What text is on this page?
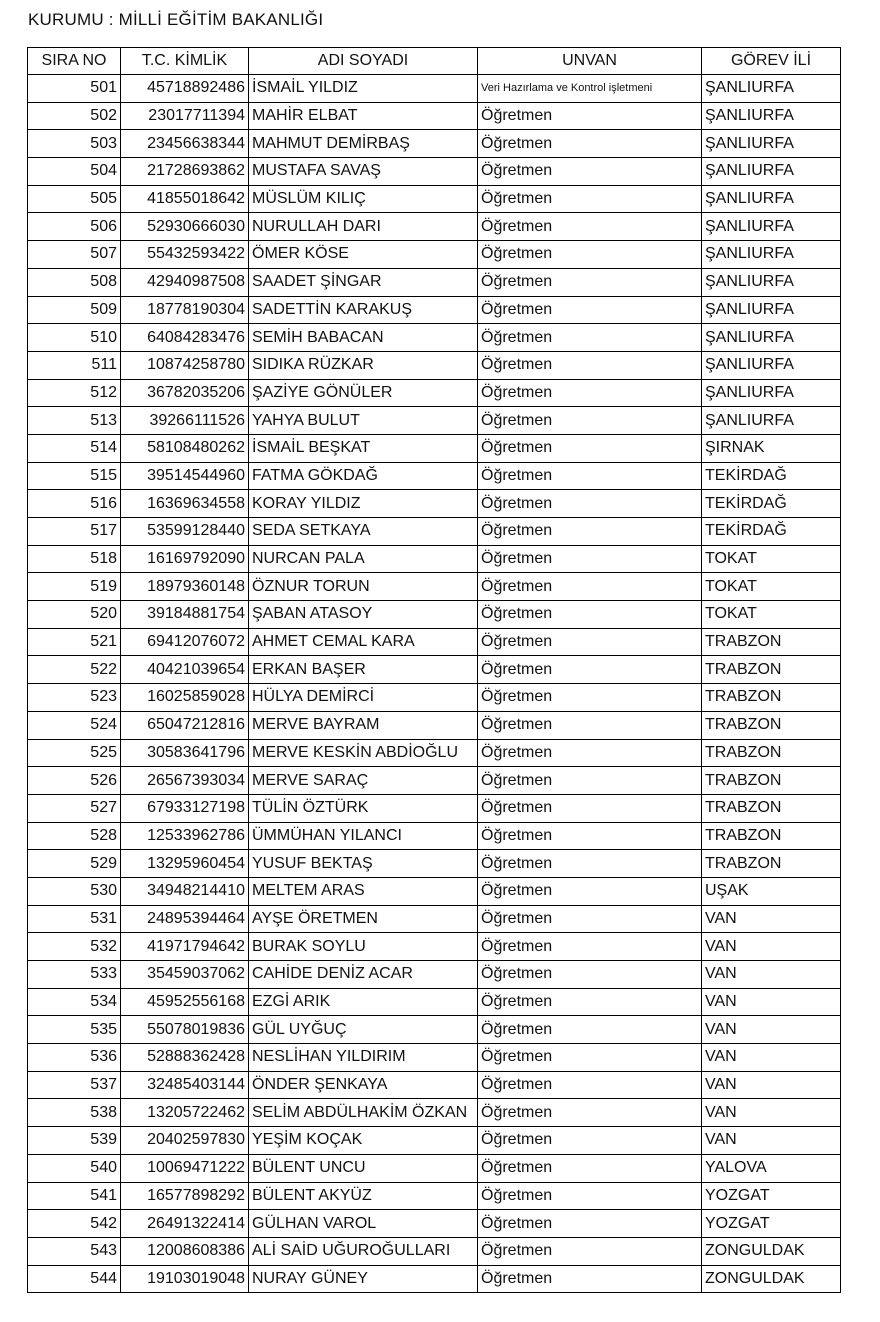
KURUMU : MİLLİ EĞİTİM BAKANLIĞI
SIRA NO	T.C. KİMLİK	ADI SOYADI	UNVAN	GÖREV İLİ
501	45718892486	İSMAİL YILDIZ	Veri Hazırlama ve Kontrol işletmeni	ŞANLIURFA
502	23017711394	MAHİR ELBAT	Öğretmen	ŞANLIURFA
503	23456638344	MAHMUT DEMİRBAŞ	Öğretmen	ŞANLIURFA
504	21728693862	MUSTAFA SAVAŞ	Öğretmen	ŞANLIURFA
505	41855018642	MÜSLÜM KILIÇ	Öğretmen	ŞANLIURFA
506	52930666030	NURULLAH DARI	Öğretmen	ŞANLIURFA
507	55432593422	ÖMER KÖSE	Öğretmen	ŞANLIURFA
508	42940987508	SAADET ŞİNGAR	Öğretmen	ŞANLIURFA
509	18778190304	SADETTİN KARAKUŞ	Öğretmen	ŞANLIURFA
510	64084283476	SEMİH BABACAN	Öğretmen	ŞANLIURFA
511	10874258780	SIDIKA RÜZKAR	Öğretmen	ŞANLIURFA
512	36782035206	ŞAZİYE GÖNÜLER	Öğretmen	ŞANLIURFA
513	39266111526	YAHYA BULUT	Öğretmen	ŞANLIURFA
514	58108480262	İSMAİL BEŞKAT	Öğretmen	ŞIRNAK
515	39514544960	FATMA GÖKDAĞ	Öğretmen	TEKİRDAĞ
516	16369634558	KORAY YILDIZ	Öğretmen	TEKİRDAĞ
517	53599128440	SEDA SETKAYA	Öğretmen	TEKİRDAĞ
518	16169792090	NURCAN PALA	Öğretmen	TOKAT
519	18979360148	ÖZNUR TORUN	Öğretmen	TOKAT
520	39184881754	ŞABAN ATASOY	Öğretmen	TOKAT
521	69412076072	AHMET CEMAL KARA	Öğretmen	TRABZON
522	40421039654	ERKAN BAŞER	Öğretmen	TRABZON
523	16025859028	HÜLYA DEMİRCİ	Öğretmen	TRABZON
524	65047212816	MERVE BAYRAM	Öğretmen	TRABZON
525	30583641796	MERVE KESKİN ABDİOĞLU	Öğretmen	TRABZON
526	26567393034	MERVE SARAÇ	Öğretmen	TRABZON
527	67933127198	TÜLİN ÖZTÜRK	Öğretmen	TRABZON
528	12533962786	ÜMMÜHAN YILANCI	Öğretmen	TRABZON
529	13295960454	YUSUF BEKTAŞ	Öğretmen	TRABZON
530	34948214410	MELTEM ARAS	Öğretmen	UŞAK
531	24895394464	AYŞE ÖRETMEN	Öğretmen	VAN
532	41971794642	BURAK SOYLU	Öğretmen	VAN
533	35459037062	CAHİDE DENİZ ACAR	Öğretmen	VAN
534	45952556168	EZGİ ARIK	Öğretmen	VAN
535	55078019836	GÜL UYĞUÇ	Öğretmen	VAN
536	52888362428	NESLİHAN YILDIRIM	Öğretmen	VAN
537	32485403144	ÖNDER ŞENKAYA	Öğretmen	VAN
538	13205722462	SELİM ABDÜLHAKİM ÖZKAN	Öğretmen	VAN
539	20402597830	YEŞİM KOÇAK	Öğretmen	VAN
540	10069471222	BÜLENT UNCU	Öğretmen	YALOVA
541	16577898292	BÜLENT AKYÜZ	Öğretmen	YOZGAT
542	26491322414	GÜLHAN VAROL	Öğretmen	YOZGAT
543	12008608386	ALİ SAİD UĞUROĞULLARI	Öğretmen	ZONGULDAK
544	19103019048	NURAY GÜNEY	Öğretmen	ZONGULDAK
